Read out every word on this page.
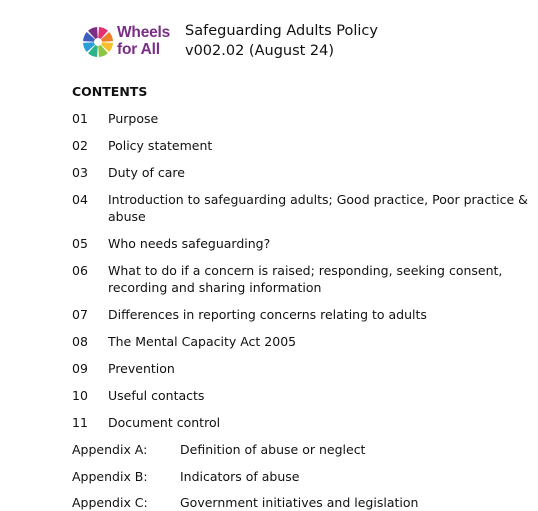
Wheels
for All
Safeguarding Adults Policy
v002.02 (August 24)
CONTENTS
01 Purpose
02 Policy statement
03 Duty of care
04 Introduction to safeguarding adults; Good practice, Poor practice & abuse
05 Who needs safeguarding?
06 What to do if a concern is raised; responding, seeking consent, recording and sharing information
07 Differences in reporting concerns relating to adults
08 The Mental Capacity Act 2005
09 Prevention
10 Useful contacts
11 Document control
Appendix A:	Definition of abuse or neglect
Appendix B:	Indicators of abuse
Appendix C:	Government initiatives and legislation
